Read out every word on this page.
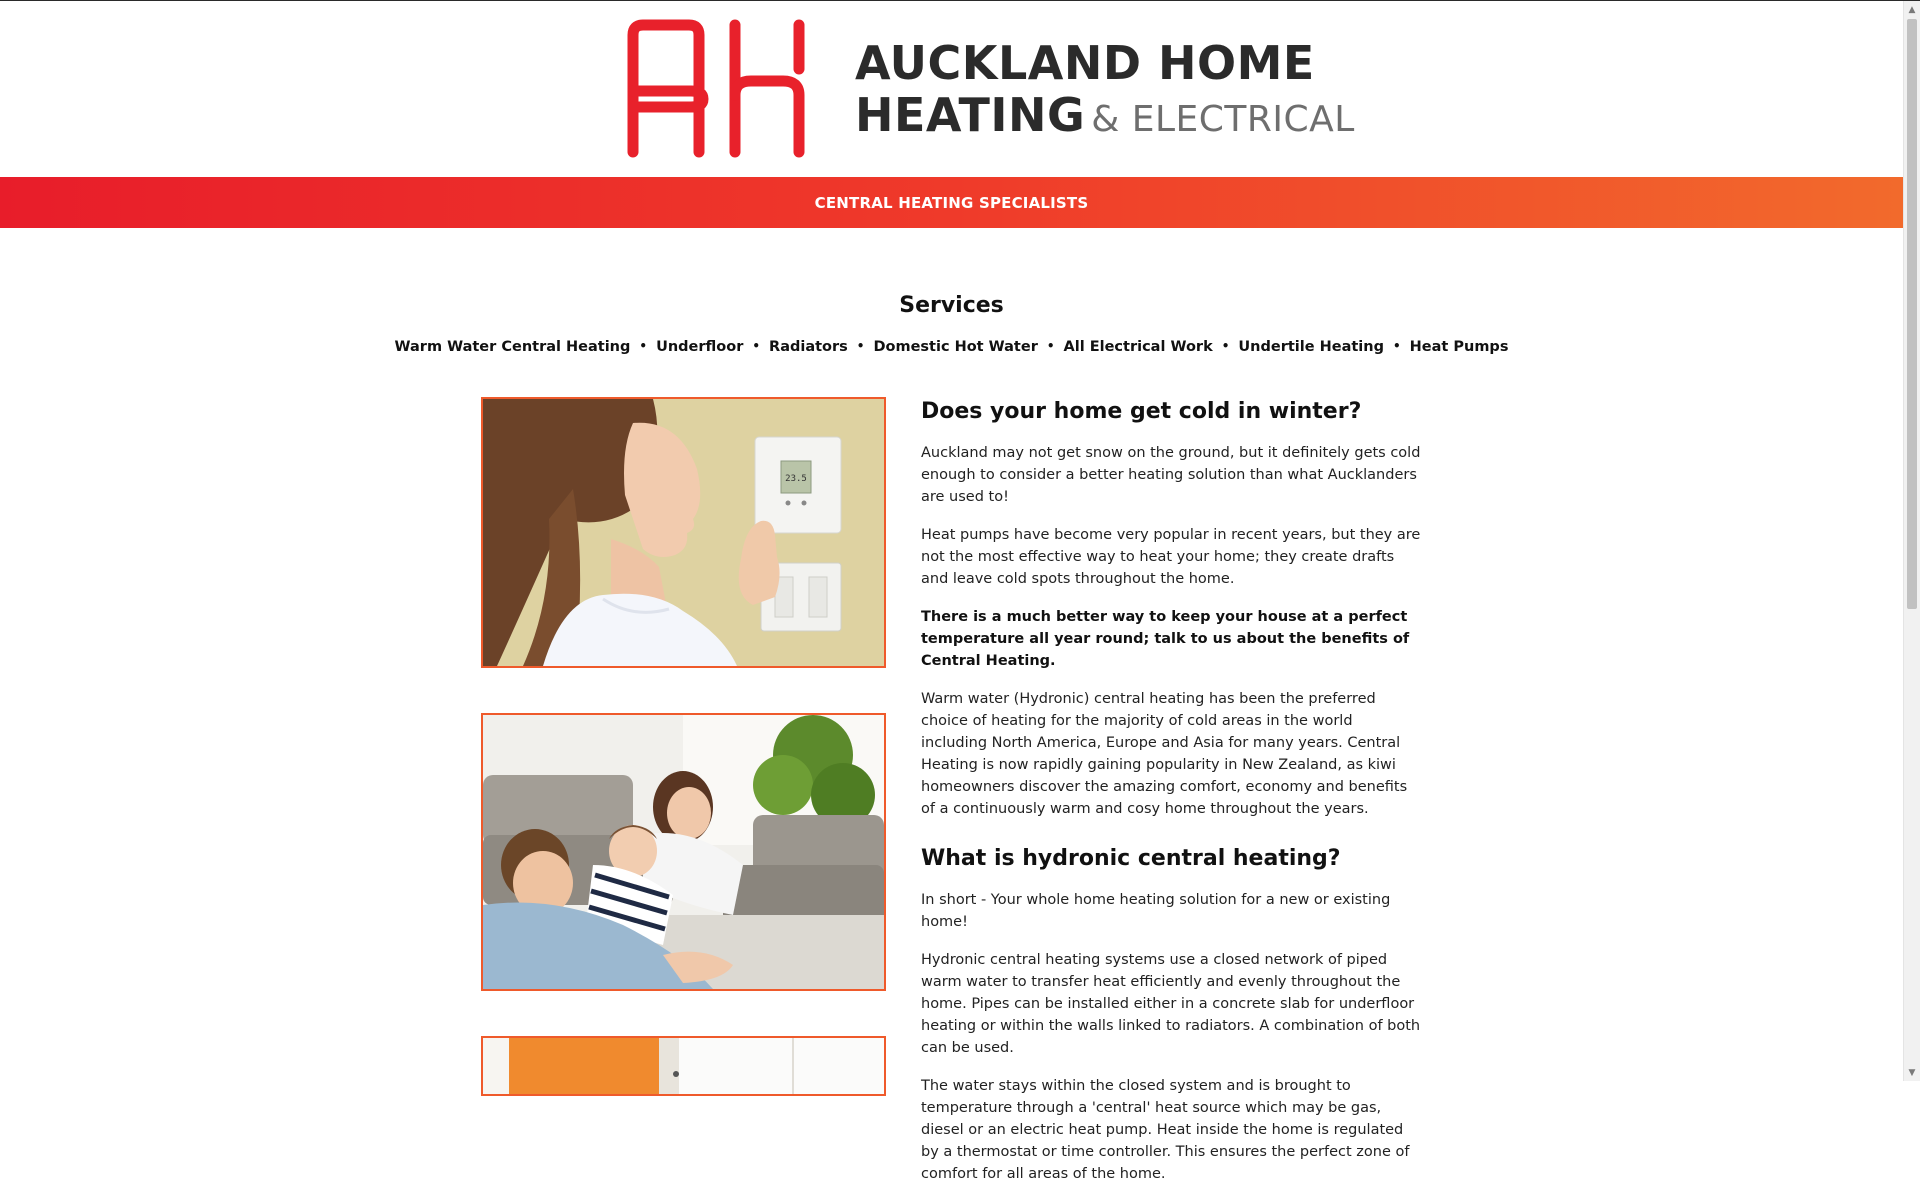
AUCKLAND HOME
HEATING & ELECTRICAL
CENTRAL HEATING SPECIALISTS
Services
Warm Water Central Heating • Underfloor • Radiators • Domestic Hot Water • All Electrical Work • Undertile Heating • Heat Pumps
23.5
Does your home get cold in winter?

Auckland may not get snow on the ground, but it definitely gets cold enough to consider a better heating solution than what Aucklanders are used to!

Heat pumps have become very popular in recent years, but they are not the most effective way to heat your home; they create drafts and leave cold spots throughout the home.

There is a much better way to keep your house at a perfect temperature all year round; talk to us about the benefits of Central Heating.

Warm water (Hydronic) central heating has been the preferred choice of heating for the majority of cold areas in the world including North America, Europe and Asia for many years. Central Heating is now rapidly gaining popularity in New Zealand, as kiwi homeowners discover the amazing comfort, economy and benefits of a continuously warm and cosy home throughout the years.

What is hydronic central heating?

In short - Your whole home heating solution for a new or existing home!

Hydronic central heating systems use a closed network of piped warm water to transfer heat efficiently and evenly throughout the home. Pipes can be installed either in a concrete slab for underfloor heating or within the walls linked to radiators. A combination of both can be used.

The water stays within the closed system and is brought to temperature through a 'central' heat source which may be gas, diesel or an electric heat pump. Heat inside the home is regulated by a thermostat or time controller. This ensures the perfect zone of comfort for all areas of the home.

▲
▼
